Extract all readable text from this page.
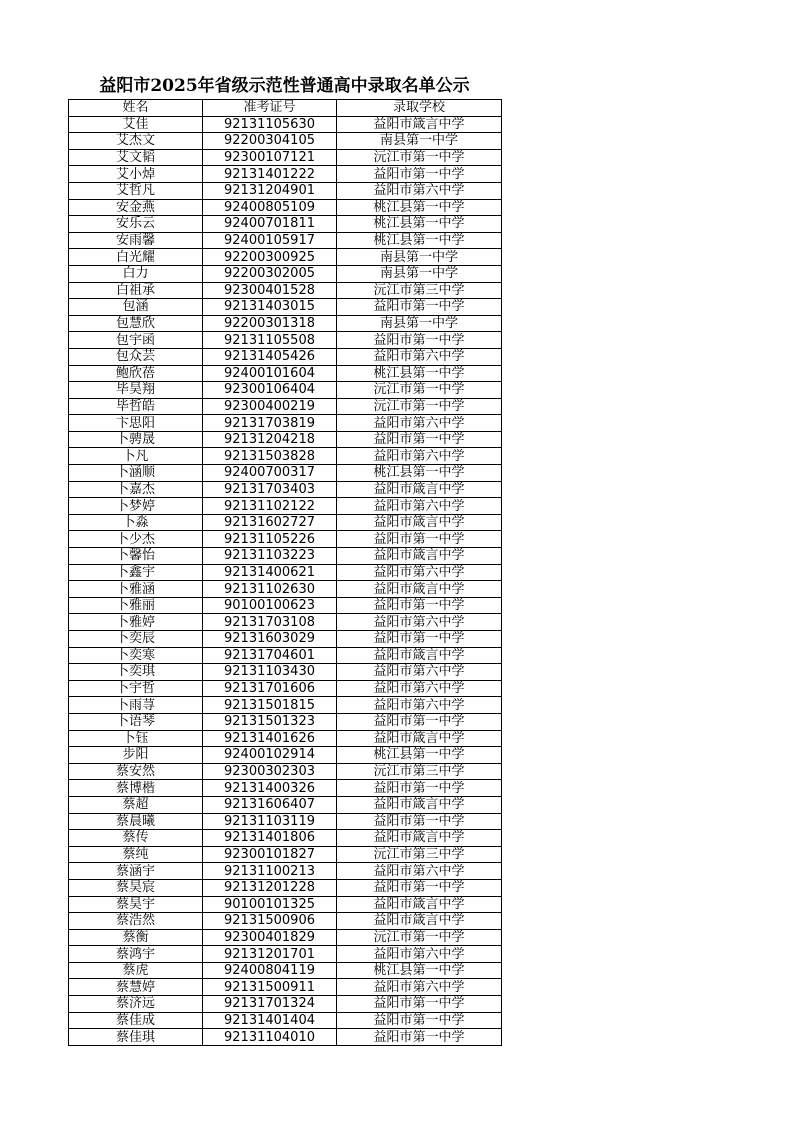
益阳市2025年省级示范性普通高中录取名单公示
姓名	准考证号	录取学校
艾佳	92131105630	益阳市箴言中学
艾杰文	92200304105	南县第一中学
艾文韬	92300107121	沅江市第一中学
艾小焯	92131401222	益阳市第一中学
艾哲凡	92131204901	益阳市第六中学
安金燕	92400805109	桃江县第一中学
安乐云	92400701811	桃江县第一中学
安雨馨	92400105917	桃江县第一中学
白光耀	92200300925	南县第一中学
白力	92200302005	南县第一中学
白祖承	92300401528	沅江市第三中学
包涵	92131403015	益阳市第一中学
包慧欣	92200301318	南县第一中学
包宇函	92131105508	益阳市第一中学
包众芸	92131405426	益阳市第六中学
鲍欣蓓	92400101604	桃江县第一中学
毕昊翔	92300106404	沅江市第一中学
毕哲皓	92300400219	沅江市第一中学
卞思阳	92131703819	益阳市第六中学
卜骋晟	92131204218	益阳市第一中学
卜凡	92131503828	益阳市第六中学
卜涵顺	92400700317	桃江县第一中学
卜嘉杰	92131703403	益阳市箴言中学
卜梦婷	92131102122	益阳市第六中学
卜淼	92131602727	益阳市箴言中学
卜少杰	92131105226	益阳市第一中学
卜馨怡	92131103223	益阳市箴言中学
卜鑫宇	92131400621	益阳市第六中学
卜雅涵	92131102630	益阳市箴言中学
卜雅丽	90100100623	益阳市第一中学
卜雅婷	92131703108	益阳市第六中学
卜奕辰	92131603029	益阳市第一中学
卜奕寒	92131704601	益阳市箴言中学
卜奕琪	92131103430	益阳市第六中学
卜宇哲	92131701606	益阳市第六中学
卜雨荨	92131501815	益阳市第六中学
卜语琴	92131501323	益阳市第一中学
卜钰	92131401626	益阳市箴言中学
步阳	92400102914	桃江县第一中学
蔡安然	92300302303	沅江市第三中学
蔡博楷	92131400326	益阳市第一中学
蔡超	92131606407	益阳市箴言中学
蔡晨曦	92131103119	益阳市第一中学
蔡传	92131401806	益阳市箴言中学
蔡纯	92300101827	沅江市第三中学
蔡涵宇	92131100213	益阳市第六中学
蔡昊宸	92131201228	益阳市第一中学
蔡昊宇	90100101325	益阳市箴言中学
蔡浩然	92131500906	益阳市箴言中学
蔡衡	92300401829	沅江市第一中学
蔡鸿宇	92131201701	益阳市第六中学
蔡虎	92400804119	桃江县第一中学
蔡慧婷	92131500911	益阳市第六中学
蔡济远	92131701324	益阳市第一中学
蔡佳成	92131401404	益阳市第一中学
蔡佳琪	92131104010	益阳市第一中学
